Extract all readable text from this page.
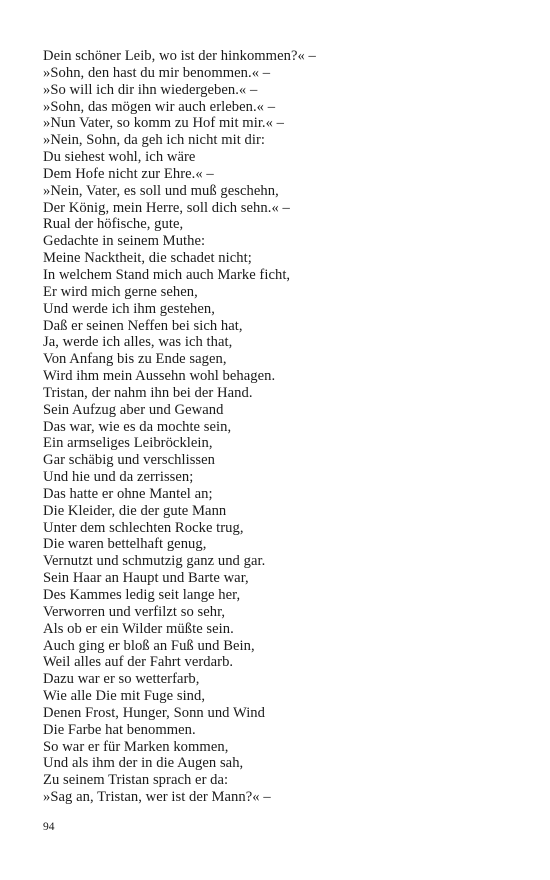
Dein schöner Leib, wo ist der hinkommen?« –
»Sohn, den hast du mir benommen.« –
»So will ich dir ihn wiedergeben.« –
»Sohn, das mögen wir auch erleben.« –
»Nun Vater, so komm zu Hof mit mir.« –
»Nein, Sohn, da geh ich nicht mit dir:
Du siehest wohl, ich wäre
Dem Hofe nicht zur Ehre.« –
»Nein, Vater, es soll und muß geschehn,
Der König, mein Herre, soll dich sehn.« –
Rual der höfische, gute,
Gedachte in seinem Muthe:
Meine Nacktheit, die schadet nicht;
In welchem Stand mich auch Marke ficht,
Er wird mich gerne sehen,
Und werde ich ihm gestehen,
Daß er seinen Neffen bei sich hat,
Ja, werde ich alles, was ich that,
Von Anfang bis zu Ende sagen,
Wird ihm mein Aussehn wohl behagen.
Tristan, der nahm ihn bei der Hand.
Sein Aufzug aber und Gewand
Das war, wie es da mochte sein,
Ein armseliges Leibröcklein,
Gar schäbig und verschlissen
Und hie und da zerrissen;
Das hatte er ohne Mantel an;
Die Kleider, die der gute Mann
Unter dem schlechten Rocke trug,
Die waren bettelhaft genug,
Vernutzt und schmutzig ganz und gar.
Sein Haar an Haupt und Barte war,
Des Kammes ledig seit lange her,
Verworren und verfilzt so sehr,
Als ob er ein Wilder müßte sein.
Auch ging er bloß an Fuß und Bein,
Weil alles auf der Fahrt verdarb.
Dazu war er so wetterfarb,
Wie alle Die mit Fuge sind,
Denen Frost, Hunger, Sonn und Wind
Die Farbe hat benommen.
So war er für Marken kommen,
Und als ihm der in die Augen sah,
Zu seinem Tristan sprach er da:
»Sag an, Tristan, wer ist der Mann?« –
94
